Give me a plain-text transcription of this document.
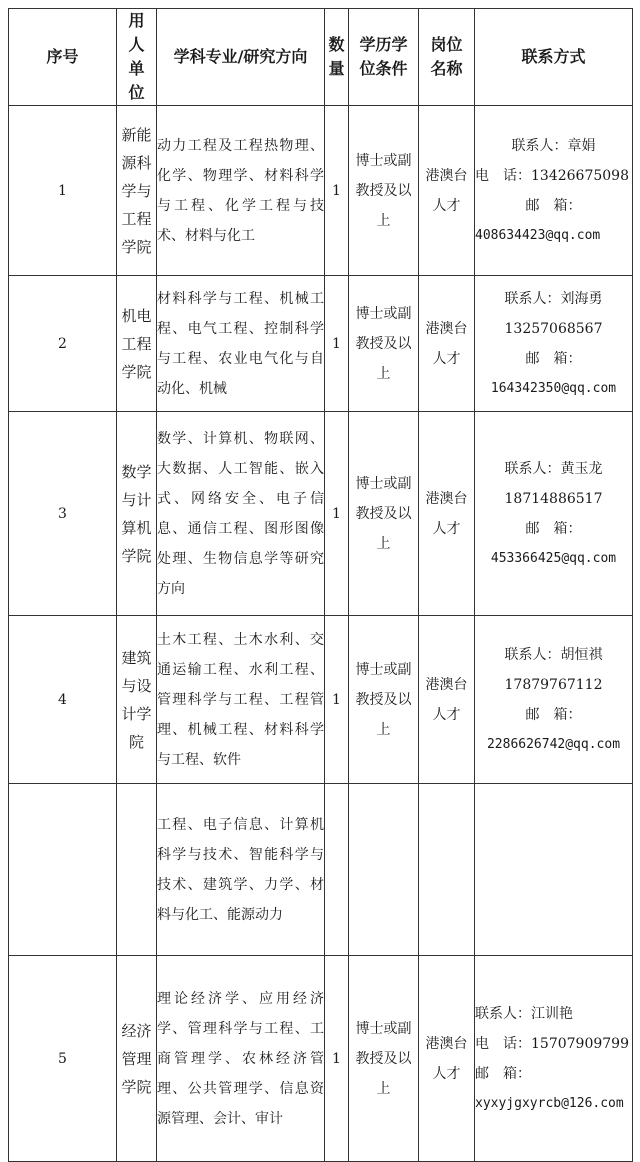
序号	用人单位	学科专业/研究方向	数量	学历学位条件	岗位名称	联系方式
1	新能源科学与工程学院	动力工程及工程热物理、化学、物理学、材料科学与工程、化学工程与技术、材料与化工	1	博士或副教授及以上	港澳台人才	联系人：章娟
电　话：13426675098
邮　箱：
408634423@qq.com

2	机电工程学院	材料科学与工程、机械工程、电气工程、控制科学与工程、农业电气化与自动化、机械	1	博士或副教授及以上	港澳台人才	联系人：刘海勇
13257068567
邮　箱：
164342350@qq.com

3	数学与计算机学院	数学、计算机、物联网、大数据、人工智能、嵌入式、网络安全、电子信息、通信工程、图形图像处理、生物信息学等研究方向	1	博士或副教授及以上	港澳台人才	联系人：黄玉龙
18714886517
邮　箱：
453366425@qq.com

4	建筑与设计学院	土木工程、土木水利、交通运输工程、水利工程、管理科学与工程、工程管理、机械工程、材料科学与工程、软件	1	博士或副教授及以上	港澳台人才	联系人：胡恒祺
17879767112
邮　箱：
2286626742@qq.com

		工程、电子信息、计算机科学与技术、智能科学与技术、建筑学、力学、材料与化工、能源动力				
5	经济管理学院	理论经济学、应用经济学、管理科学与工程、工商管理学、农林经济管理、公共管理学、信息资源管理、会计、审计	1	博士或副教授及以上	港澳台人才	联系人：江训艳
电　话：15707909799
邮　箱：
xyxyjgxyrcb@126.com
